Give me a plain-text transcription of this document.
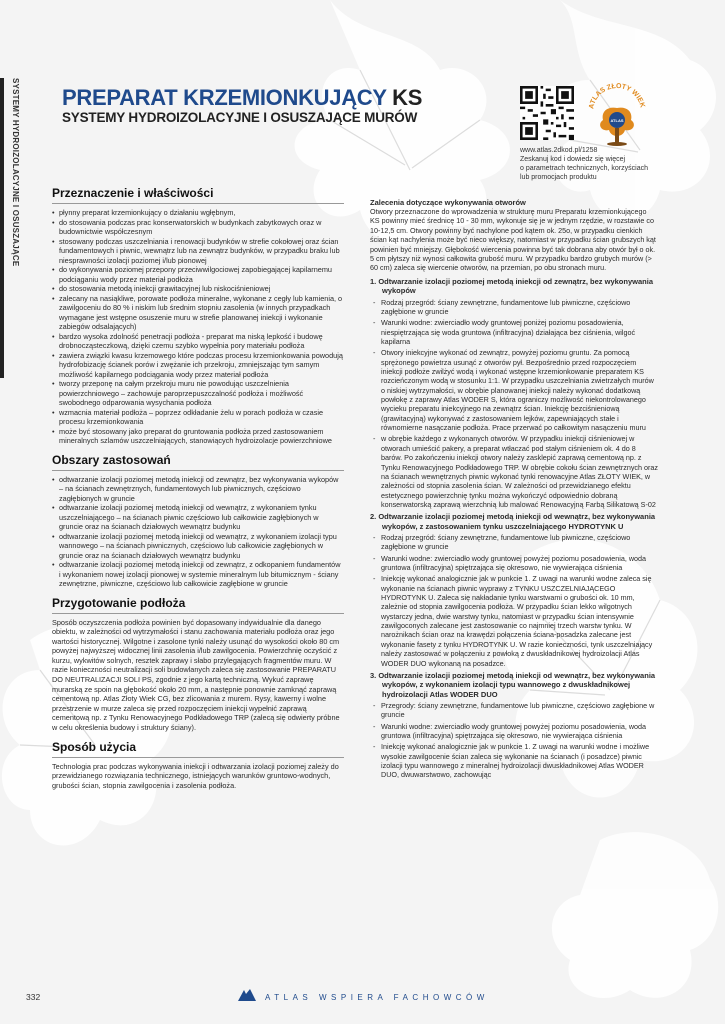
SYSTEMY HYDROIZOLACYJNE I OSUSZAJĄCE PREPARAT KRZEMIONKUJĄCY KS
SYSTEMY HYDROIZOLACYJNE I OSUSZAJĄCE MURÓW
ATLAS ZŁOTY WIEK
ATLAS
www.atlas.2dkod.pl/1258
Zeskanuj kod i dowiedz się więcej
o parametrach technicznych, korzyściach
lub promocjach produktu
Przeznaczenie i właściwości
• płynny preparat krzemionkujący o działaniu wgłębnym,
• do stosowania podczas prac konserwatorskich w budynkach zabytkowych oraz w budownictwie współczesnym
• stosowany podczas uszczelniania i renowacji budynków w strefie cokołowej oraz ścian fundamentowych i piwnic, wewnątrz lub na zewnątrz budynków, w przypadku braku lub niesprawności izolacji poziomej i/lub pionowej
• do wykonywania poziomej przepony przeciwwilgociowej zapobiegającej kapilarnemu podciąganiu wody przez materiał podłoża
• do stosowania metodą iniekcji grawitacyjnej lub niskociśnieniowej
• zalecany na nasiąkliwe, porowate podłoża mineralne, wykonane z cegły lub kamienia, o zawilgoceniu do 80 % i niskim lub średnim stopniu zasolenia (w innych przypadkach wymagane jest wstępne osuszenie muru w strefie planowanej iniekcji i wykonanie zabiegów odsalających)
• bardzo wysoka zdolność penetracji podłoża - preparat ma niską lepkość i budowę drobnocząsteczkową, dzięki czemu szybko wypełnia pory materiału podłoża
• zawiera związki kwasu krzemowego które podczas procesu krzemionkowania powodują hydrofobizację ścianek porów i zwężanie ich przekroju, zmniejszając tym samym możliwość kapilarnego podciągania wody przez materiał podłoża
• tworzy przeponę na całym przekroju muru nie powodując uszczelnienia powierzchniowego – zachowuje paroprzepuszczalność podłoża i możliwość swobodnego odparowania wysychania podłoża
• wzmacnia materiał podłoża – poprzez odkładanie żelu w porach podłoża w czasie procesu krzemionkowania
• może być stosowany jako preparat do gruntowania podłoża przed zastosowaniem mineralnych szlamów uszczelniających, stanowiących hydroizolacje powierzchniowe
Obszary zastosowań
• odtwarzanie izolacji poziomej metodą iniekcji od zewnątrz, bez wykonywania wykopów – na ścianach zewnętrznych, fundamentowych lub piwnicznych, częściowo zagłębionych w gruncie
• odtwarzanie izolacji poziomej metodą iniekcji od wewnątrz, z wykonaniem tynku uszczelniającego – na ścianach piwnic częściowo lub całkowicie zagłębionych w gruncie oraz na ścianach działowych wewnątrz budynku
• odtwarzanie izolacji poziomej metodą iniekcji od wewnątrz, z wykonaniem izolacji typu wannowego – na ścianach piwnicznych, częściowo lub całkowicie zagłębionych w gruncie oraz na ścianach działowych wewnątrz budynku
• odtwarzanie izolacji poziomej metodą iniekcji od zewnątrz, z odkopaniem fundamentów i wykonaniem nowej izolacji pionowej w systemie mineralnym lub bitumicznym - ściany zewnętrzne, piwniczne, częściowo lub całkowicie zagłębione w gruncie
Przygotowanie podłoża

Sposób oczyszczenia podłoża powinien być dopasowany indywidualnie dla danego obiektu, w zależności od wytrzymałości i stanu zachowania materiału podłoża oraz jego wartości historycznej. Wilgotne i zasolone tynki należy usunąć do wysokości około 80 cm powyżej najwyższej widocznej linii zasolenia i/lub zawilgocenia. Powierzchnię oczyścić z kurzu, wykwitów solnych, resztek zaprawy i słabo przylegających fragmentów muru. W razie konieczności neutralizacji soli budowlanych zaleca się zastosowanie PREPARATU DO NEUTRALIZACJI SOLI PS, zgodnie z jego kartą techniczną. Wykuć zaprawę murarską ze spoin na głębokość około 20 mm, a następnie ponownie zamknąć zaprawą cementową np. Atlas Złoty Wiek CG, bez zlicowania z murem. Rysy, kawerny i wolne przestrzenie w murze zaleca się przed rozpoczęciem iniekcji wypełnić zaprawą cementową np. z Tynku Renowacyjnego Podkładowego TRP (zalecą się odwierty próbne w celu określenia budowy i struktury ściany).

Sposób użycia

Technologia prac podczas wykonywania iniekcji i odtwarzania izolacji poziomej zależy do przewidzianego rozwiązania technicznego, istniejących warunków gruntowo-wodnych, grubości ścian, stopnia zawilgocenia i zasolenia podłoża.

Zalecenia dotyczące wykonywania otworów
Otwory przeznaczone do wprowadzenia w strukturę muru Preparatu krzemionkującego KS powinny mieć średnicę 10 - 30 mm, wykonuje się je w jednym rzędzie, w rozstawie co 10-12,5 cm. Otwory powinny być nachylone pod kątem ok. 25o, w przypadku cienkich ścian kąt nachylenia może być nieco większy, natomiast w przypadku ścian grubszych kąt powinien być mniejszy. Głębokość wiercenia powinna być tak dobrana aby otwór był o ok. 5 cm płytszy niż wynosi całkowita grubość muru. W przypadku bardzo grubych murów (> 60 cm) zaleca się wiercenie otworów, na przemian, po obu stronach muru.
1. Odtwarzanie izolacji poziomej metodą iniekcji od zewnątrz, bez wykonywania wykopów
- Rodzaj przegród: ściany zewnętrzne, fundamentowe lub piwniczne, częściowo zagłębione w gruncie
- Warunki wodne: zwierciadło wody gruntowej poniżej poziomu posadowienia, niespiętrzająca się woda gruntowa (infiltracyjna) działająca bez ciśnienia, wilgoć kapilarna
- Otwory iniekcyjne wykonać od zewnątrz, powyżej poziomu gruntu. Za pomocą sprężonego powietrza usunąć z otworów pył. Bezpośrednio przed rozpoczęciem iniekcji podłoże zwilżyć wodą i wykonać wstępne krzemionkowanie preparatem KS rozcieńczonym wodą w stosunku 1:1. W przypadku uszczelniania zwietrzałych murów o niskiej wytrzymałości, w obrębie planowanej iniekcji należy wykonać dodatkową powłokę z zaprawy Atlas WODER S, która ograniczy możliwość niekontrolowanego wycieku preparatu iniekcyjnego na zewnątrz ścian. Iniekcję bezciśnieniową (grawitacyjną) wykonywać z zastosowaniem lejków, zapewniających stałe i równomierne nasączanie podłoża. Prace przerwać po całkowitym nasączeniu muru
- w obrębie każdego z wykonanych otworów. W przypadku iniekcji ciśnieniowej w otworach umieścić pakery, a preparat wtłaczać pod stałym ciśnieniem ok. 4 do 8 barów. Po zakończeniu iniekcji otwory należy zasklepić zaprawą cementową np. z Tynku Renowacyjnego Podkładowego TRP. W obrębie cokołu ścian zewnętrznych oraz na ścianach wewnętrznych piwnic wykonać tynki renowacyjne Atlas ZŁOTY WIEK, w zależności od stopnia zasolenia ścian. W zależności od przewidzianego efektu estetycznego powierzchnię tynku można wykończyć odpowiednio dobraną konserwatorską zaprawą wierzchnią lub malować Renowacyjną Farbą Silikatową S-02
2. Odtwarzanie izolacji poziomej metodą iniekcji od wewnątrz, bez wykonywania wykopów, z zastosowaniem tynku uszczelniającego HYDROTYNK U
- Rodzaj przegród: ściany zewnętrzne, fundamentowe lub piwniczne, częściowo zagłębione w gruncie
- Warunki wodne: zwierciadło wody gruntowej powyżej poziomu posadowienia, woda gruntowa (infiltracyjna) spiętrzająca się okresowo, nie wywierająca ciśnienia
- Iniekcję wykonać analogicznie jak w punkcie 1. Z uwagi na warunki wodne zaleca się wykonanie na ścianach piwnic wyprawy z TYNKU USZCZELNIAJĄCEGO HYDROTYNK U. Zaleca się nakładanie tynku warstwami o grubości ok. 10 mm, zależnie od stopnia zawilgocenia podłoża. W przypadku ścian lekko wilgotnych wystarczy jedna, dwie warstwy tynku, natomiast w przypadku ścian intensywnie zawilgoconych zalecane jest zastosowanie co najmniej trzech warstw tynku. W narożnikach ścian oraz na krawędzi połączenia ściana-posadzka zalecane jest wykonanie fasety z tynku HYDROTYNK U. W razie konieczności, tynk uszczelniający należy zastosować w połączeniu z powłoką z dwuskładnikowej hydroizolacji Atlas WODER DUO wykonaną na posadzce.
3. Odtwarzanie izolacji poziomej metodą iniekcji od wewnątrz, bez wykonywania wykopów, z wykonaniem izolacji typu wannowego z dwuskładnikowej hydroizolacji Atlas WODER DUO
- Przegrody: ściany zewnętrzne, fundamentowe lub piwniczne, częściowo zagłębione w gruncie
- Warunki wodne: zwierciadło wody gruntowej powyżej poziomu posadowienia, woda gruntowa (infiltracyjna) spiętrzająca się okresowo, nie wywierająca ciśnienia
- Iniekcję wykonać analogicznie jak w punkcie 1. Z uwagi na warunki wodne i możliwe wysokie zawilgocenie ścian zaleca się wykonanie na ścianach (i posadzce) piwnic izolacji typu wannowego z mineralnej hydroizolacji dwuskładnikowej Atlas WODER DUO, dwuwarstwowo, zachowując
332	ATLAS WSPIERA FACHOWCÓW
